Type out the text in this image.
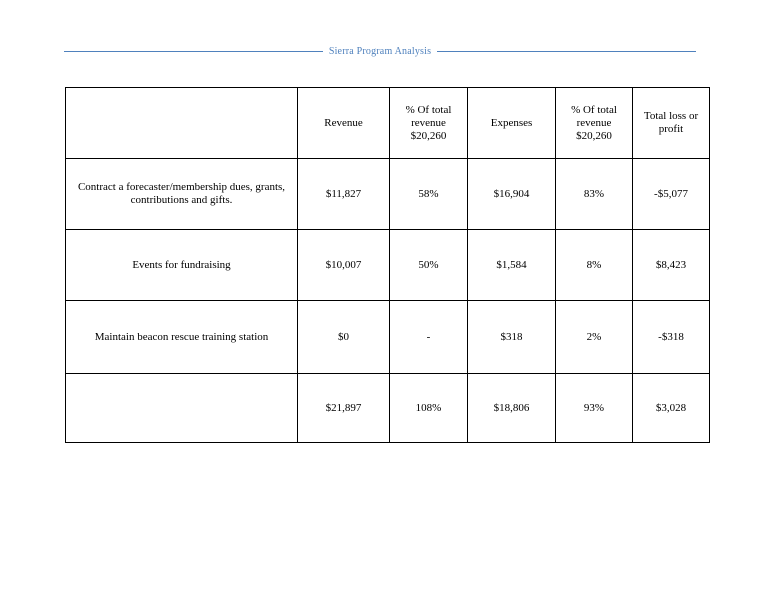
Sierra Program Analysis
	Revenue	% Of total revenue $20,260	Expenses	% Of total revenue $20,260	Total loss or profit
Contract a forecaster/membership dues, grants, contributions and gifts.	$11,827	58%	$16,904	83%	-$5,077
Events for fundraising	$10,007	50%	$1,584	8%	$8,423
Maintain beacon rescue training station	$0	-	$318	2%	-$318
	$21,897	108%	$18,806	93%	$3,028
